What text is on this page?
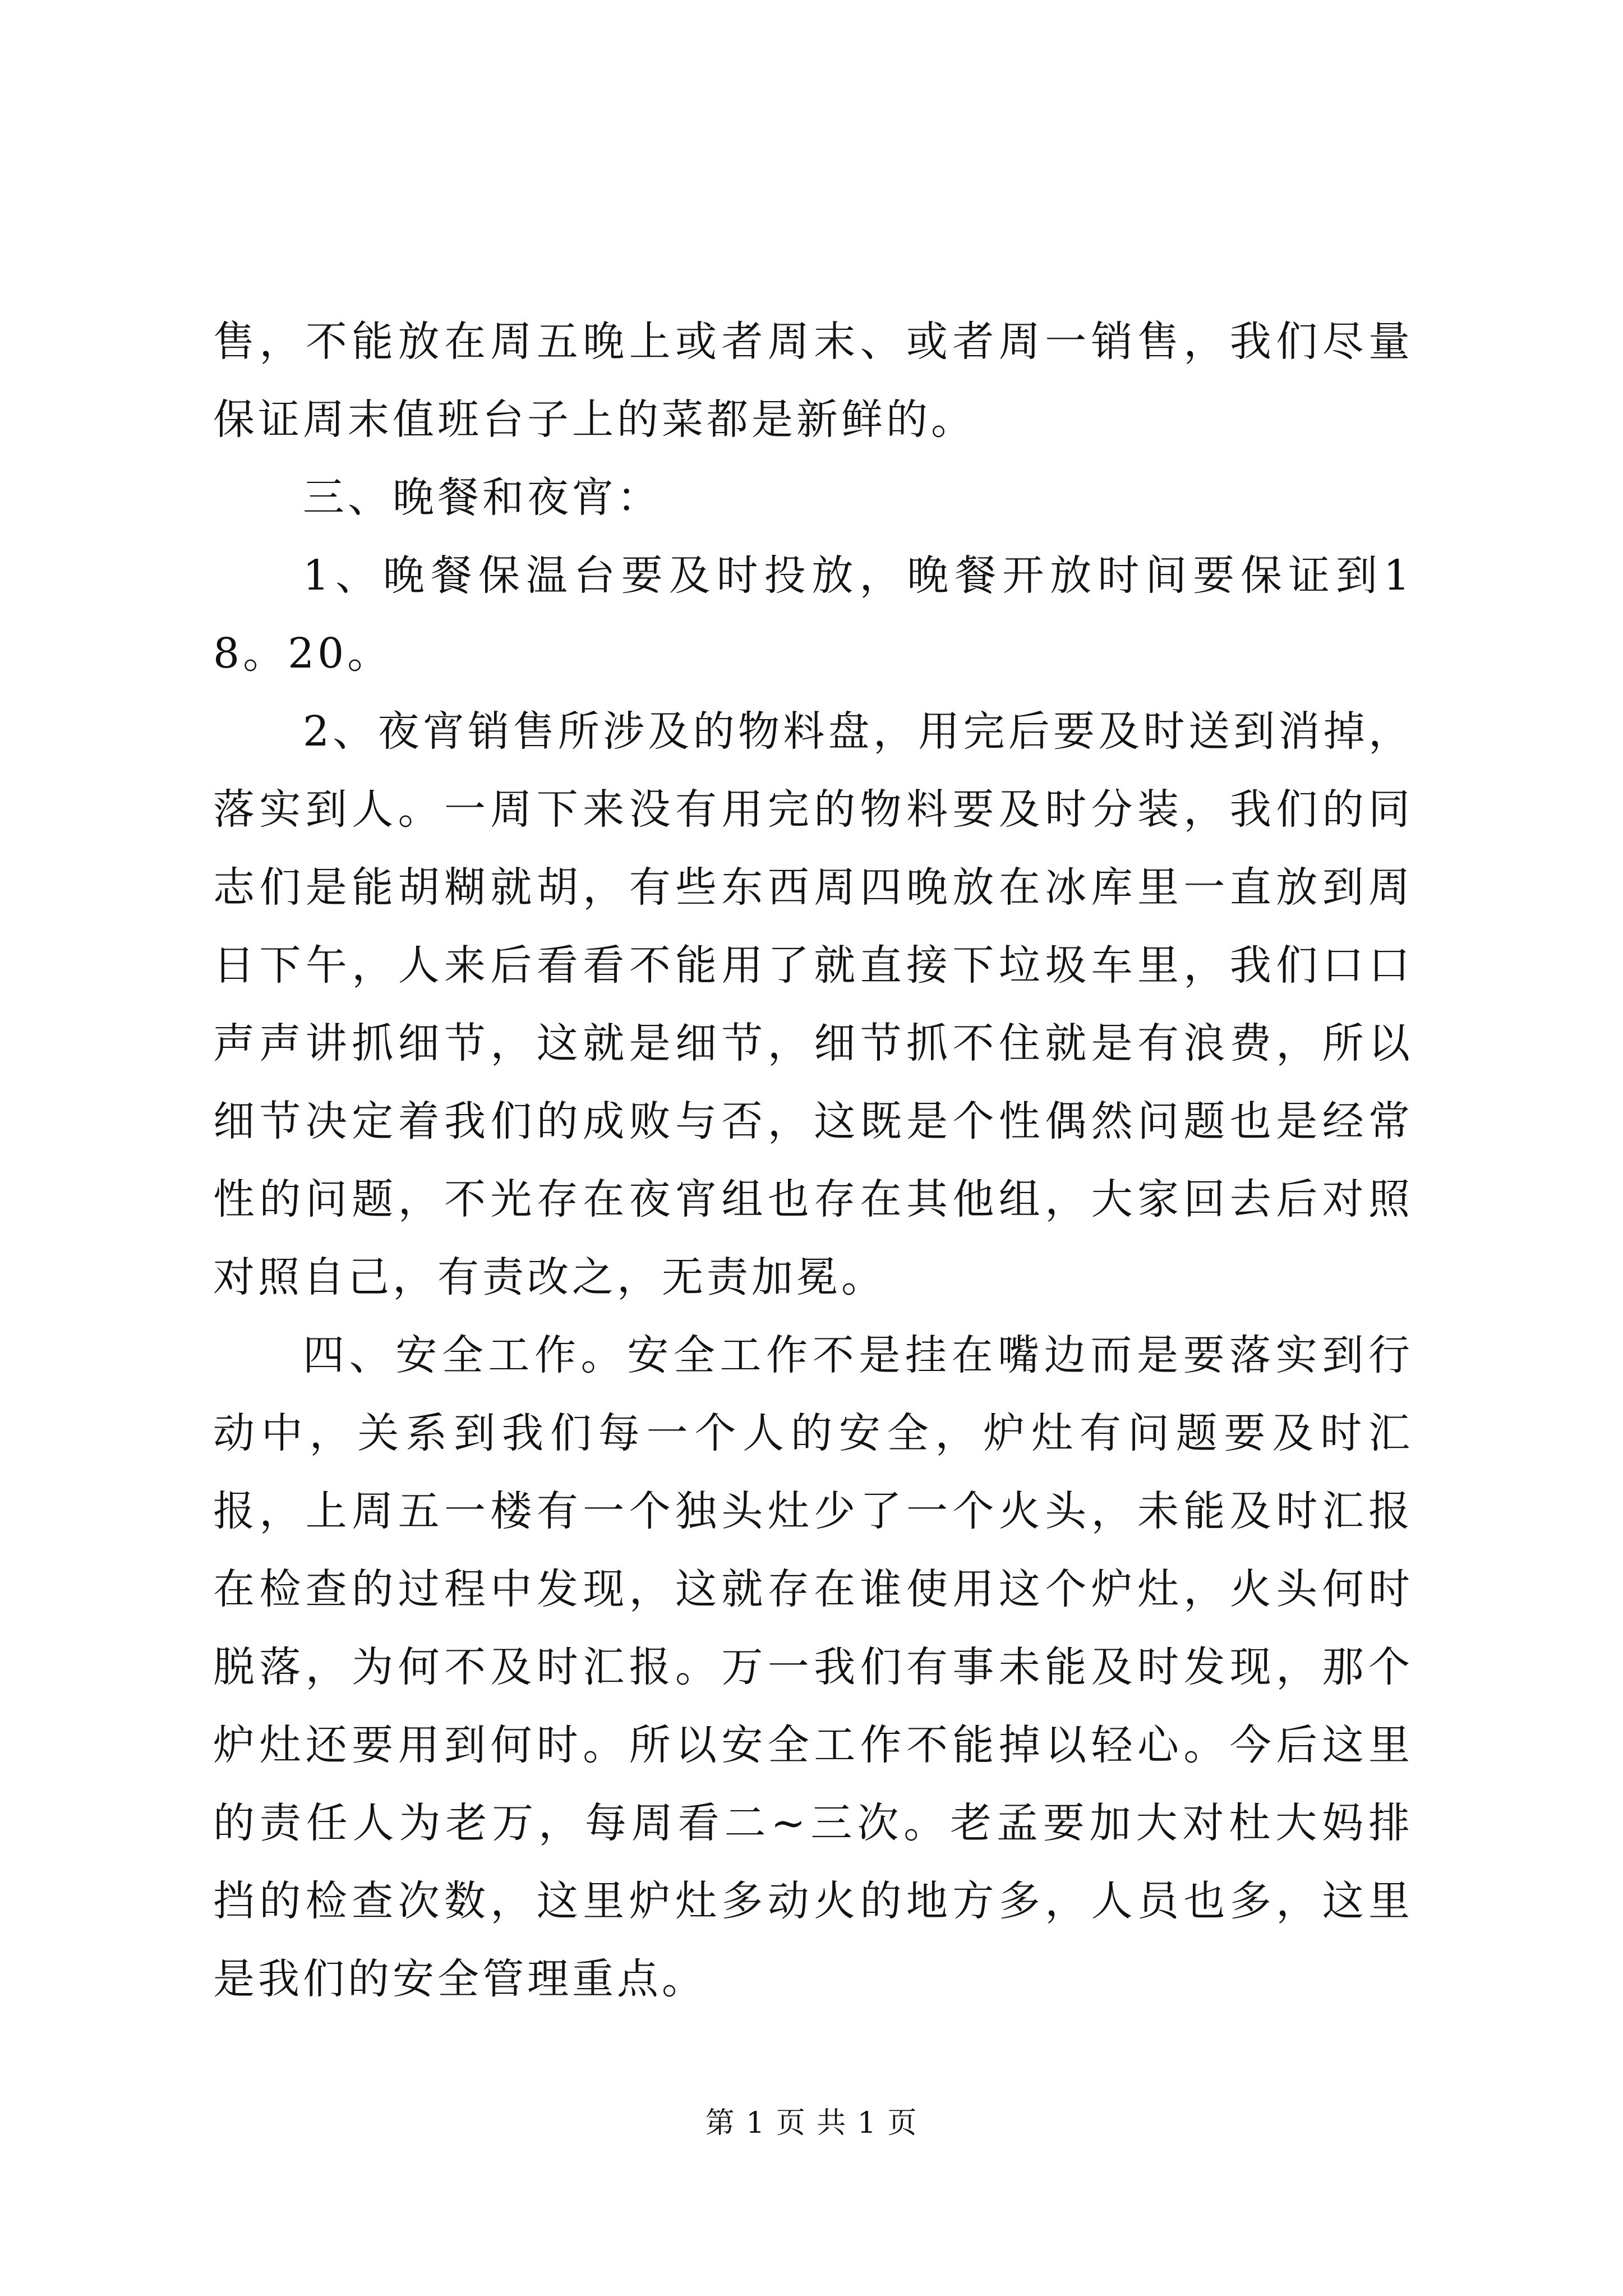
售，不能放在周五晚上或者周末、或者周一销售，我们尽量保证周末值班台子上的菜都是新鲜的。

三、晚餐和夜宵：

1、晚餐保温台要及时投放，晚餐开放时间要保证到18。20。

2、夜宵销售所涉及的物料盘，用完后要及时送到消掉，落实到人。一周下来没有用完的物料要及时分装，我们的同志们是能胡糊就胡，有些东西周四晚放在冰库里一直放到周日下午，人来后看看不能用了就直接下垃圾车里，我们口口声声讲抓细节，这就是细节，细节抓不住就是有浪费，所以细节决定着我们的成败与否，这既是个性偶然问题也是经常性的问题，不光存在夜宵组也存在其他组，大家回去后对照对照自己，有责改之，无责加冕。

四、安全工作。安全工作不是挂在嘴边而是要落实到行动中，关系到我们每一个人的安全，炉灶有问题要及时汇报，上周五一楼有一个独头灶少了一个火头，未能及时汇报在检查的过程中发现，这就存在谁使用这个炉灶，火头何时脱落，为何不及时汇报。万一我们有事未能及时发现，那个炉灶还要用到何时。所以安全工作不能掉以轻心。今后这里的责任人为老万，每周看二~三次。老孟要加大对杜大妈排挡的检查次数，这里炉灶多动火的地方多，人员也多，这里是我们的安全管理重点。

第 1 页 共 1 页
